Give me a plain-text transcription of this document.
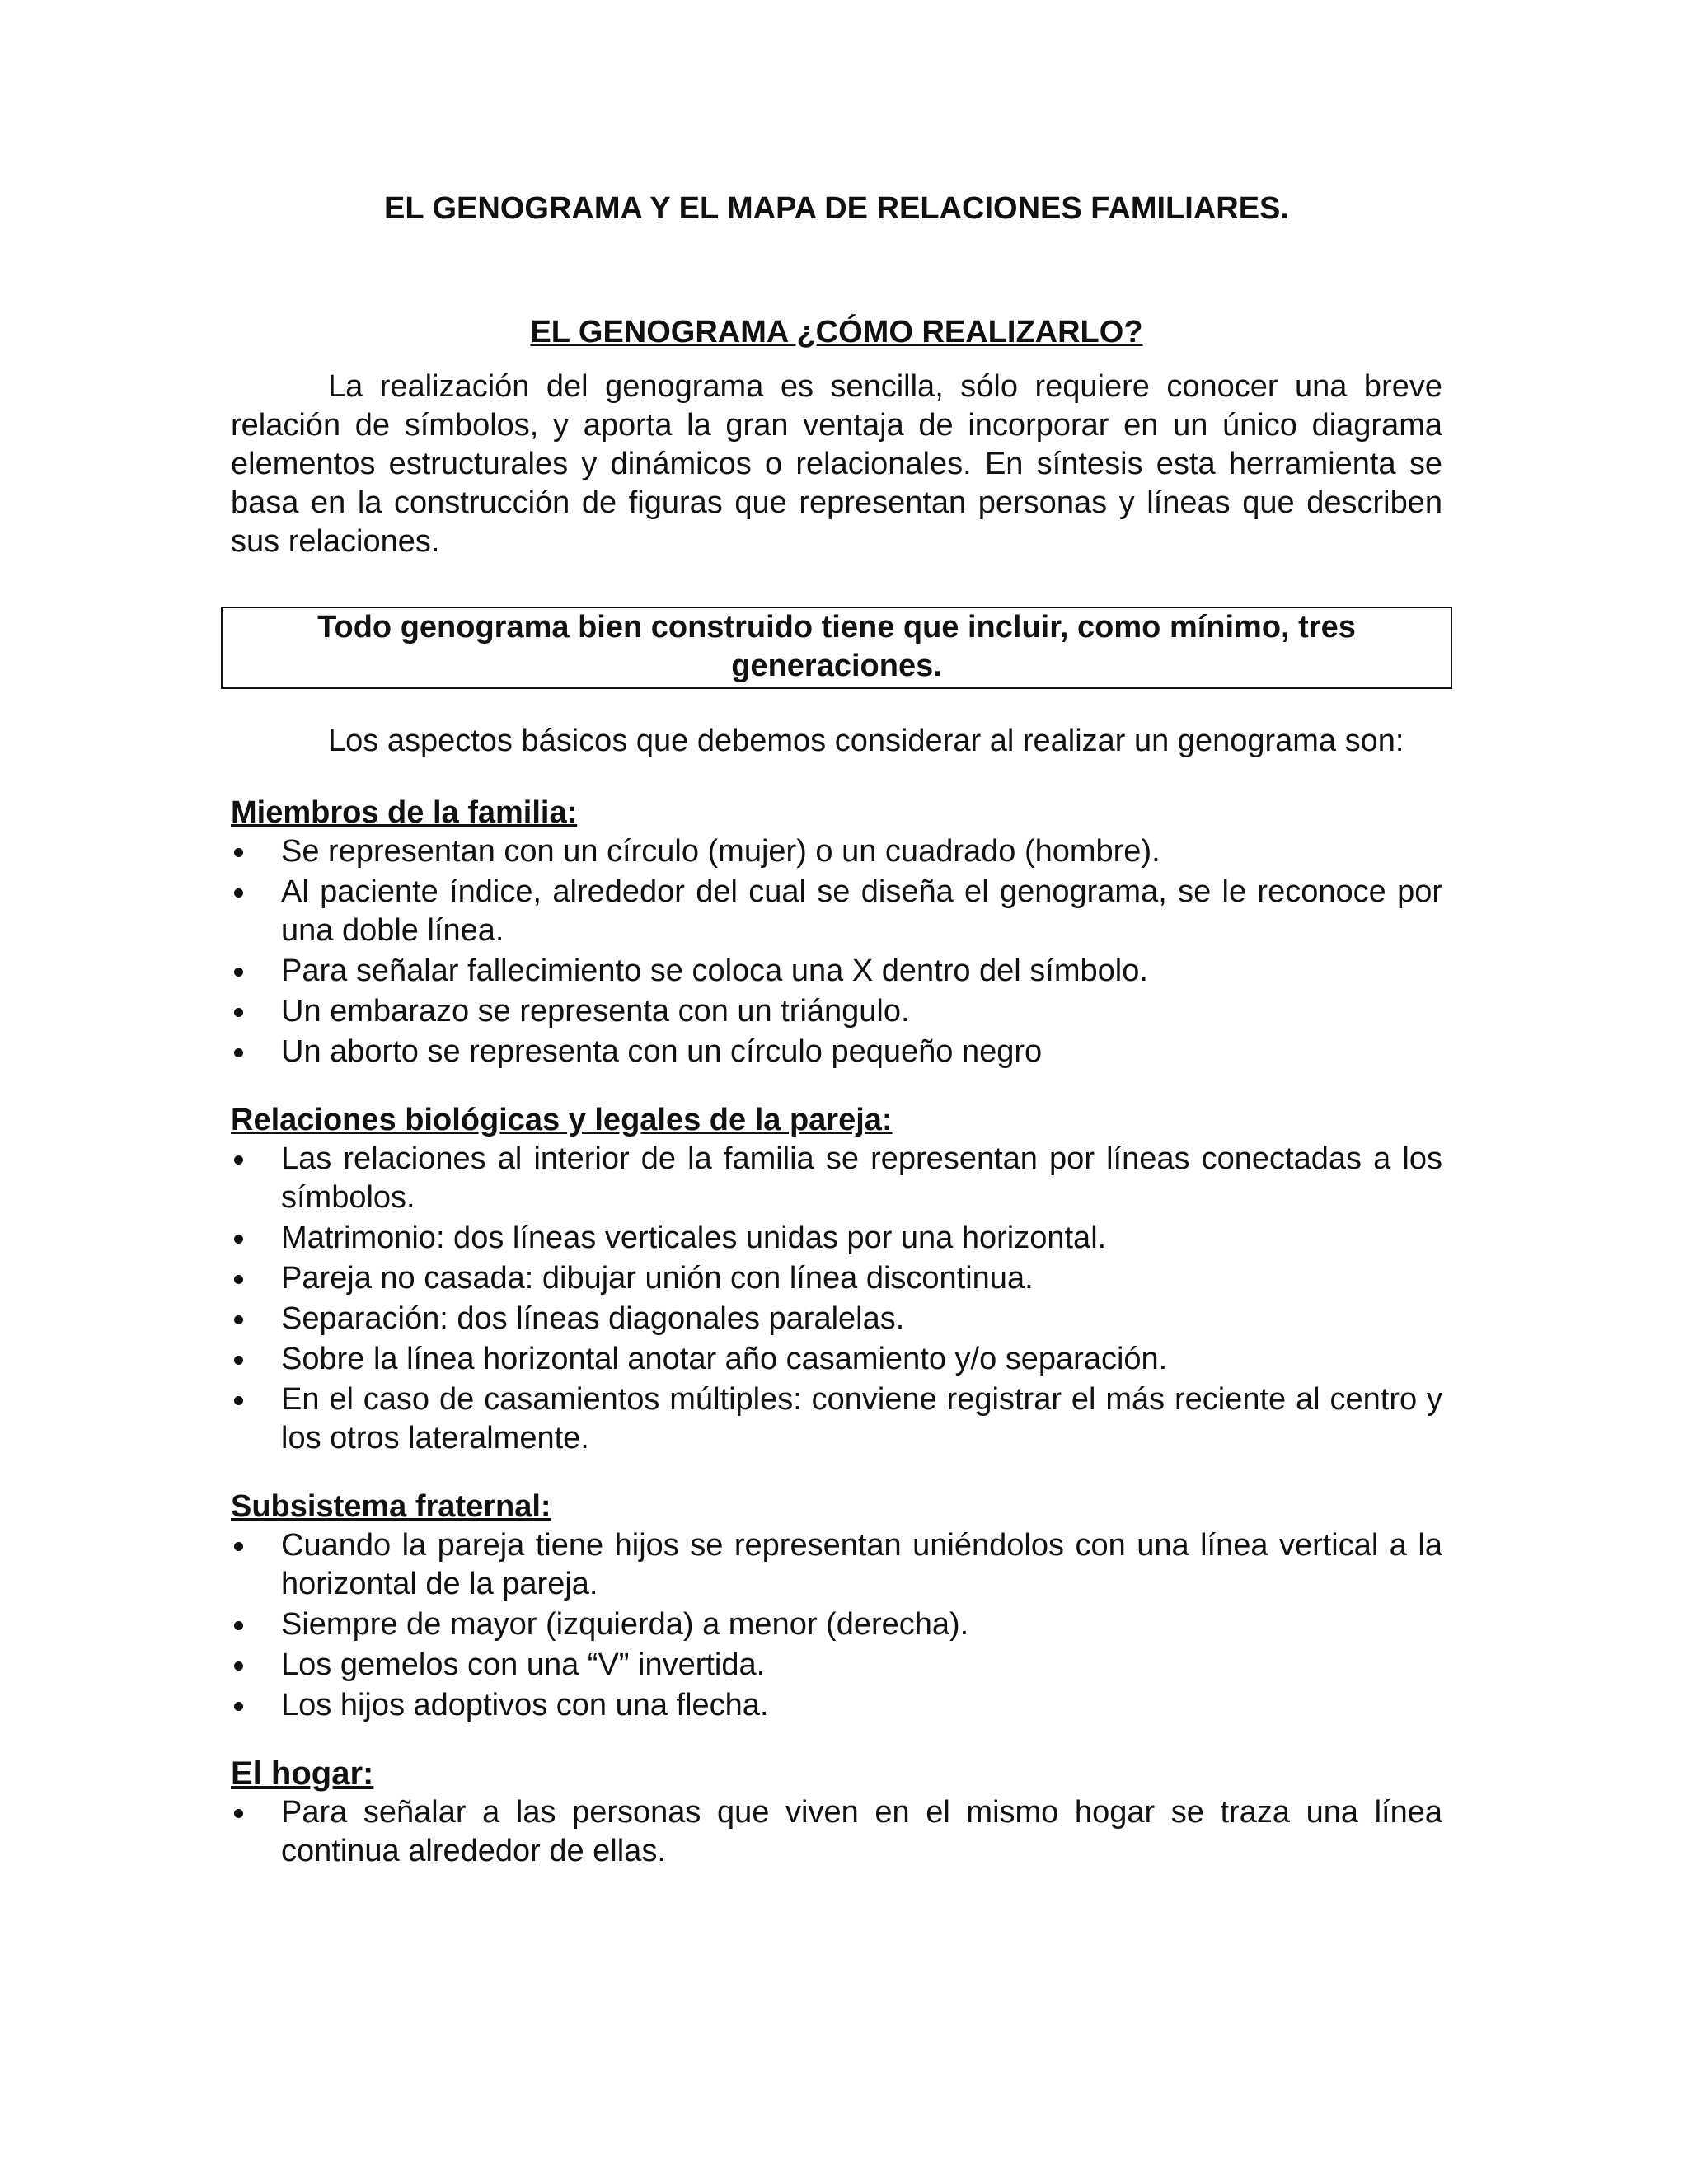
EL GENOGRAMA Y EL MAPA DE RELACIONES FAMILIARES.

EL GENOGRAMA ¿CÓMO REALIZARLO?

La realización del genograma es sencilla, sólo requiere conocer una breve relación de símbolos, y aporta la gran ventaja de incorporar en un único diagrama elementos estructurales y dinámicos o relacionales. En síntesis esta herramienta se basa en la construcción de figuras que representan personas y líneas que describen sus relaciones.

Todo genograma bien construido tiene que incluir, como mínimo, tres generaciones.

Los aspectos básicos que debemos considerar al realizar un genograma son:

Miembros de la familia:
Se representan con un círculo (mujer) o un cuadrado (hombre).
Al paciente índice, alrededor del cual se diseña el genograma, se le reconoce por una doble línea.
Para señalar fallecimiento se coloca una X dentro del símbolo.
Un embarazo se representa con un triángulo.
Un aborto se representa con un círculo pequeño negro
Relaciones biológicas y legales de la pareja:
Las relaciones al interior de la familia se representan por líneas conectadas a los símbolos.
Matrimonio: dos líneas verticales unidas por una horizontal.
Pareja no casada: dibujar unión con línea discontinua.
Separación: dos líneas diagonales paralelas.
Sobre la línea horizontal anotar año casamiento y/o separación.
En el caso de casamientos múltiples: conviene registrar el más reciente al centro y los otros lateralmente.
Subsistema fraternal:
Cuando la pareja tiene hijos se representan uniéndolos con una línea vertical a la horizontal de la pareja.
Siempre de mayor (izquierda) a menor (derecha).
Los gemelos con una “V” invertida.
Los hijos adoptivos con una flecha.
El hogar:
Para señalar a las personas que viven en el mismo hogar se traza una línea continua alrededor de ellas.
